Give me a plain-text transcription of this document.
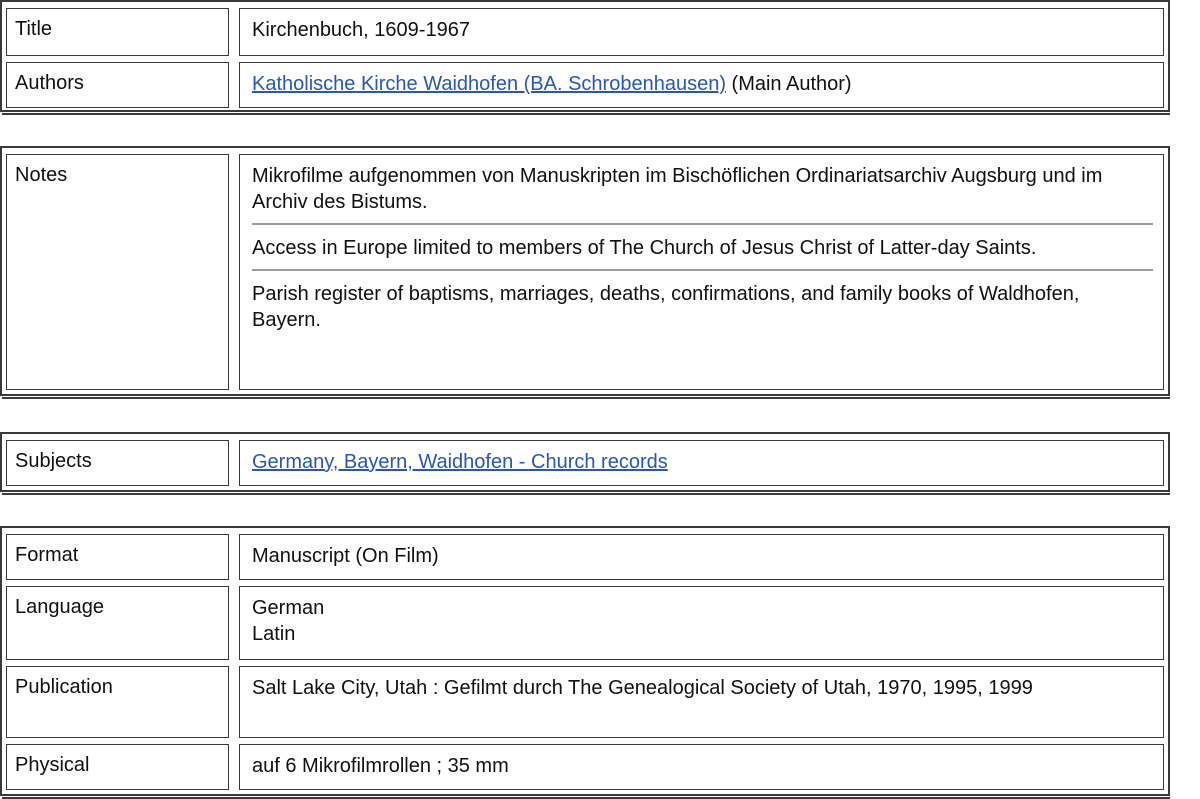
Title	Kirchenbuch, 1609-1967
Authors	Katholische Kirche Waidhofen (BA. Schrobenhausen) (Main Author)
Notes	Mikrofilme aufgenommen von Manuskripten im Bischöflichen Ordinariatsarchiv Augsburg und im Archiv des Bistums.
Access in Europe limited to members of The Church of Jesus Christ of Latter-day Saints.
Parish register of baptisms, marriages, deaths, confirmations, and family books of Waldhofen, Bayern.
Subjects	Germany, Bayern, Waidhofen - Church records
Format	Manuscript (On Film)
Language	German
Latin
Publication	Salt Lake City, Utah : Gefilmt durch The Genealogical Society of Utah, 1970, 1995, 1999
Physical	auf 6 Mikrofilmrollen ; 35 mm
